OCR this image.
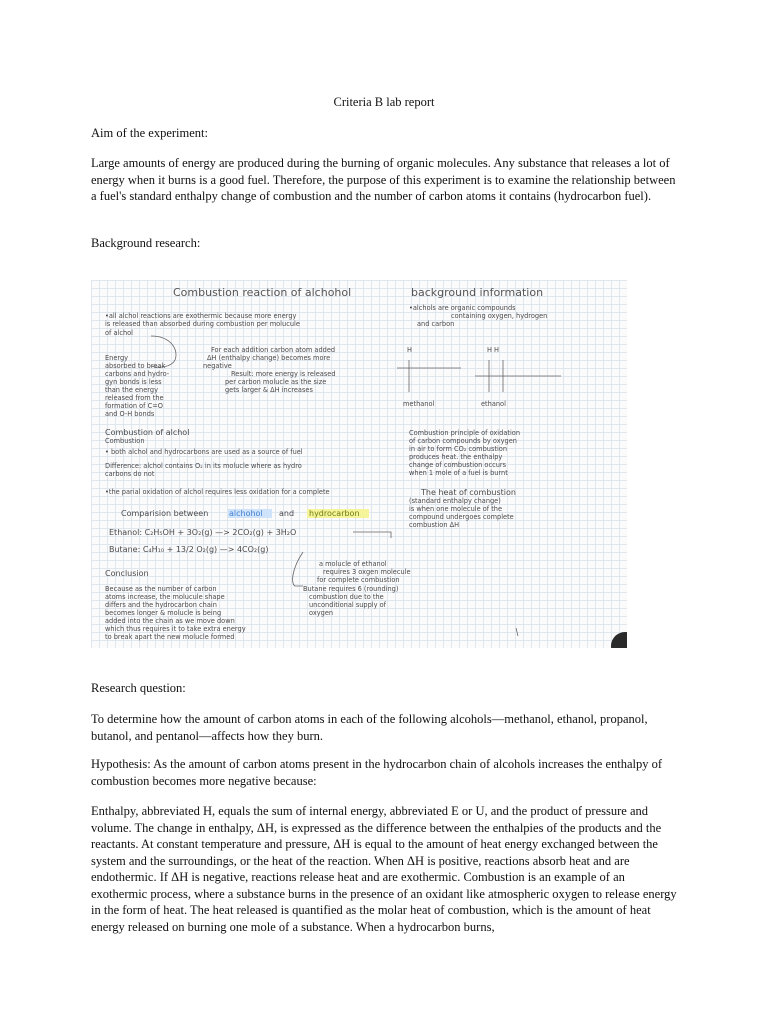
Criteria B lab report

Aim of the experiment:

Large amounts of energy are produced during the burning of organic molecules. Any substance that releases a lot of energy when it burns is a good fuel. Therefore, the purpose of this experiment is to examine the relationship between a fuel's standard enthalpy change of combustion and the number of carbon atoms it contains (hydrocarbon fuel).

Background research:

Combustion reaction of alchohol	background information
•alchols are organic compounds
containing oxygen, hydrogen
and carbon
•all alchol reactions are exothermic because more energy
is released than absorbed during combustion per molucule
of alchol
Energy
absorbed to break
carbons and hydro-
gyn bonds is less
than the energy
released from the
formation of C=O
and O-H bonds
For each addition carbon atom added
ΔH (enthalpy change) becomes more
negative
Result: more energy is released
per carbon molucle as the size
gets larger & ΔH increases
H
methanol
H H
ethanol
Combustion of alchol
Combustion
• both alchol and hydrocarbons are used as a source of fuel
Difference: alchol contains O₂ in its molucle where as hydro
carbons do not
•the parial oxidation of alchol requires less oxidation for a complete
Combustion principle of oxidation
of carbon compounds by oxygen
in air to form CO₂ combustion
produces heat. the enthalpy
change of combustion occurs
when 1 mole of a fuel is burnt
The heat of combustion
(standard enthalpy change)
is when one molecule of the
compound undergoes complete
combustion ΔH
Comparision between	alchohol and hydrocarbon
Ethanol: C₂H₅OH + 3O₂(g) —> 2CO₂(g) + 3H₂O
Butane: C₄H₁₀ + 13/2 O₂(g) —> 4CO₂(g)
a molucle of ethanol
requires 3 oxgen molecule
for complete combustion
Butane requires 6 (rounding)
combustion due to the
unconditional supply of
oxygen
Conclusion
Because as the number of carbon
atoms increase, the molucule shape
differs and the hydrocarbon chain
becomes longer & molucle is being
added into the chain as we move down
which thus requires it to take extra energy
to break apart the new molucle formed

Research question:

To determine how the amount of carbon atoms in each of the following alcohols—methanol, ethanol, propanol, butanol, and pentanol—affects how they burn.

Hypothesis: As the amount of carbon atoms present in the hydrocarbon chain of alcohols increases the enthalpy of combustion becomes more negative because:

Enthalpy, abbreviated H, equals the sum of internal energy, abbreviated E or U, and the product of pressure and volume. The change in enthalpy, ΔH, is expressed as the difference between the enthalpies of the products and the reactants. At constant temperature and pressure, ΔH is equal to the amount of heat energy exchanged between the system and the surroundings, or the heat of the reaction. When ΔH is positive, reactions absorb heat and are endothermic. If ΔH is negative, reactions release heat and are exothermic. Combustion is an example of an exothermic process, where a substance burns in the presence of an oxidant like atmospheric oxygen to release energy in the form of heat. The heat released is quantified as the molar heat of combustion, which is the amount of heat energy released on burning one mole of a substance. When a hydrocarbon burns,
